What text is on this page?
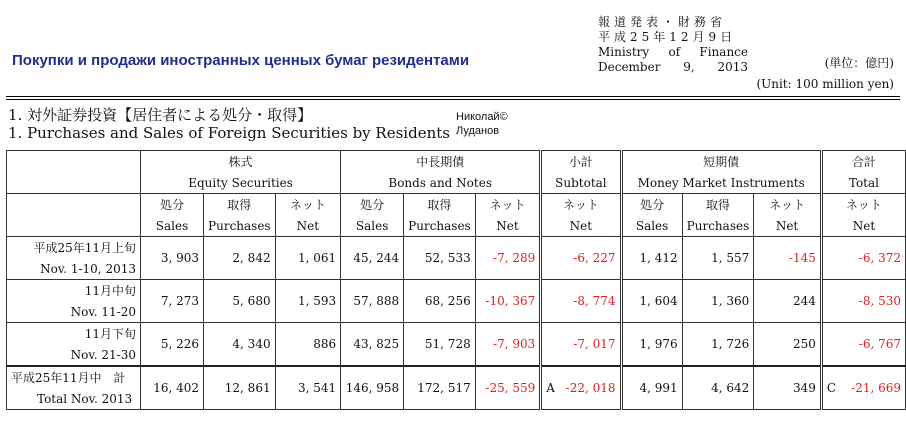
Покупки и продажи иностранных ценных бумаг резидентами
報道発表・財務省
平成25年12月9日
Ministry of Finance
December 9, 2013	(単位：億円)
(Unit: 100 million yen)
1. 対外証券投資【居住者による処分・取得】
1. Purchases and Sales of Foreign Securities by Residents
Николай©
Луданов
	株式			中長期債			小計	短期債			合計
	Equity Securities			Bonds and Notes			Subtotal	Money Market Instruments			Total
	処分	取得	ネット	処分	取得	ネット	ネット	処分	取得	ネット	ネット
	Sales	Purchases	Net	Sales	Purchases	Net	Net	Sales	Purchases	Net	Net
平成25年11月上旬	3, 903	2, 842	1, 061	45, 244	52, 533	-7, 289	-6, 227	1, 412	1, 557	-145	-6, 372
Nov. 1-10, 2013											
11月中旬	7, 273	5, 680	1, 593	57, 888	68, 256	-10, 367	-8, 774	1, 604	1, 360	244	-8, 530
Nov. 11-20											
11月下旬	5, 226	4, 340	886	43, 825	51, 728	-7, 903	-7, 017	1, 976	1, 726	250	-6, 767
Nov. 21-30											
平成25年11月中　計	16, 402	12, 861	3, 541	146, 958	172, 517	-25, 559	A -22, 018	4, 991	4, 642	349	C -21, 669
Total Nov. 2013											
